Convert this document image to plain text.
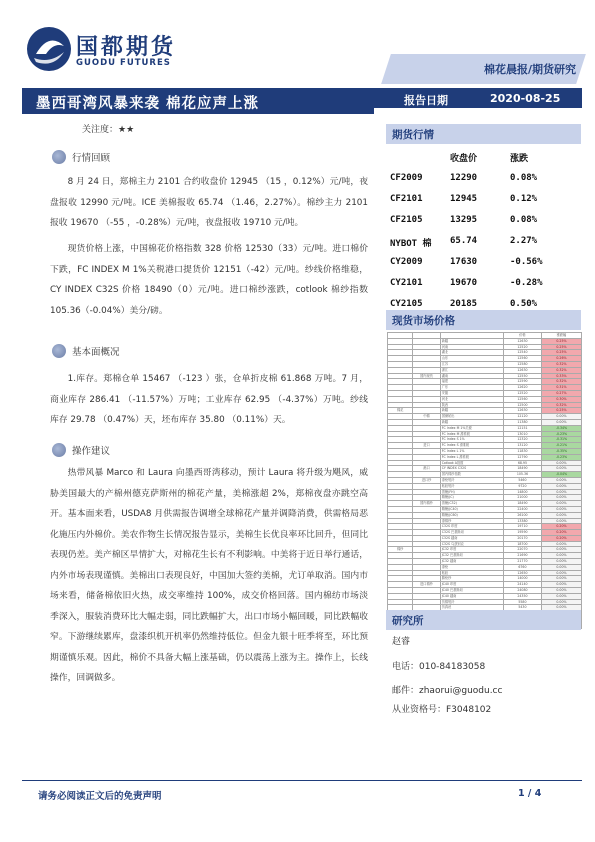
国都期货
GUODU FUTURES	棉花晨报/期货研究
墨西哥湾风暴来袭 棉花应声上涨	报告日期	2020-08-25
关注度：★★
行情回顾
8 月 24 日，郑棉主力 2101 合约收盘价 12945 （15 ，0.12%）元/吨，夜盘报收 12990 元/吨。ICE 美棉报收 65.74 （1.46，2.27%）。棉纱主力 2101 报收 19670 （-55 ，-0.28%）元/吨，夜盘报收 19710 元/吨。
现货价格上涨，中国棉花价格指数 328 价格 12530（33）元/吨。进口棉价下跌，FC INDEX M 1%关税港口提货价 12151（-42）元/吨。纱线价格维稳，CY INDEX C32S 价格 18490（0）元/吨。进口棉纱涨跌，cotlook 棉纱指数 105.36（-0.04%）美分/磅。
基本面概况
1.库存。郑棉仓单 15467 （-123 ）张，仓单折皮棉 61.868 万吨。7 月，商业库存 286.41 （-11.57%）万吨；工业库存 62.95 （-4.37%）万吨。纱线库存 29.78 （0.47%）天，坯布库存 35.80 （0.11%）天。
操作建议
热带风暴 Marco 和 Laura 向墨西哥湾移动，预计 Laura 将升级为飓风，威胁美国最大的产棉州德克萨斯州的棉花产量，美棉涨超 2%，郑棉夜盘亦跳空高开。基本面来看，USDA8 月供需报告调增全球棉花产量并调降消费，供需格局恶化施压内外棉价。美农作物生长情况报告显示，美棉生长优良率环比回升，但同比表现仍差。美产棉区旱情扩大，对棉花生长有不利影响。中美将于近日举行通话，内外市场表现谨慎。美棉出口表现良好，中国加大签约美棉，尤订单取消。国内市场来看，储备棉依旧火热，成交率维持 100%，成交价格回落。国内棉纺市场淡季深入，服装消费环比大幅走弱，同比跌幅扩大，出口市场小幅回暖，同比跌幅收窄。下游继续累库，盘漆织机开机率仍然维持低位。但金九银十旺季将至，环比预期谨慎乐观。因此，棉价不具备大幅上涨基础，仍以震荡上涨为主。操作上，长线操作，回调做多。
期货行情
收盘价	涨跌
CF2009	12290	0.08%
CF2101	12945	0.12%
CF2105	13295	0.08%
NYBOT 棉 65.74	2.27%
CY2009	17630	-0.56%
CY2101	19670	-0.28%
CY2105	20185	0.50%
现货市场价格
			价格	涨跌幅
		新疆	12630	0.25%
		河南	12520	0.25%
		湖北	12540	0.25%
		山东	12560	0.26%
		江苏	12580	0.32%
		浙江	12630	0.32%
	国内现货	湖南	12550	0.33%
		福建	12590	0.32%
		广东	12620	0.31%
		安徽	12520	0.27%
		河北	12560	0.30%
		陕西	12500	0.32%
棉花		新疆	12630	0.25%
	中棉	国储轮出	12120	0.00%
		新疆	11380	0.00%
		FC Index M 1%关税	12151	-0.34%
		FC Index M 滑准税	13010	-0.23%
		FC Index S 1%	12320	-0.31%
	进口	FC Index S 滑准税	13120	-0.21%
		FC Index L 1%	11830	-0.35%
		FC Index L 滑准税	12790	-0.23%
		Cotlook A指数	68.95	0.00%
	港口	CY INDEX C32S	18490	0.00%
		国内棉纱指数	105.36	-0.04%
	进口纱	涤纶短纤	5460	0.00%
		粘胶短纤	9720	0.00%
		普梳(FH)	14800	0.00%
		精梳(JC)	21000	0.00%
	国内棉纱	普梳(C32)	18490	0.00%
		精梳(JC40)	22400	0.00%
		精梳(JC60)	26100	0.00%
		涤棉纱	13380	0.00%
		C32S 印度	19710	0.20%
		C32S 巴基斯坦	19590	0.20%
		C32S 越南	20170	0.20%
		C32S 乌兹别克	18700	0.00%
棉纱		JC32 印度	22070	0.00%
		JC32 巴基斯坦	21690	0.00%
		JC32 越南	21770	0.00%
		涤纶	6760	0.00%
		粘胶	12650	0.00%
		腈纶纱	14000	0.00%
	进口棉纱	JC40 印度	24140	0.00%
		JC40 巴基斯坦	24080	0.00%
		JC40 越南	24350	0.00%
		仿棉短纤	5580	0.00%
		仿真丝	5430	0.00%

研究所
赵睿
电话：010-84183058
邮件：zhaorui@guodu.cc
从业资格号：F3048102
请务必阅读正文后的免责声明	1 / 4
